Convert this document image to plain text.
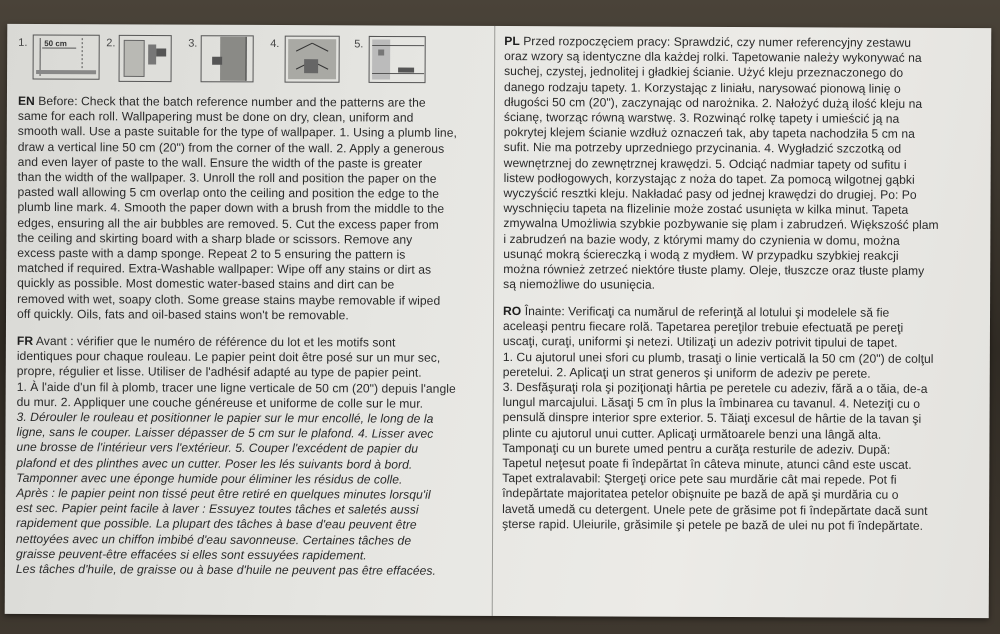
1. 50 cm	2.	3.	4.	5.
EN Before: Check that the batch reference number and the patterns are the
same for each roll. Wallpapering must be done on dry, clean, uniform and
smooth wall. Use a paste suitable for the type of wallpaper. 1. Using a plumb line,
draw a vertical line 50 cm (20") from the corner of the wall. 2. Apply a generous
and even layer of paste to the wall. Ensure the width of the paste is greater
than the width of the wallpaper. 3. Unroll the roll and position the paper on the
pasted wall allowing 5 cm overlap onto the ceiling and position the edge to the
plumb line mark. 4. Smooth the paper down with a brush from the middle to the
edges, ensuring all the air bubbles are removed. 5. Cut the excess paper from
the ceiling and skirting board with a sharp blade or scissors. Remove any
excess paste with a damp sponge. Repeat 2 to 5 ensuring the pattern is
matched if required. Extra-Washable wallpaper: Wipe off any stains or dirt as
quickly as possible. Most domestic water-based stains and dirt can be
removed with wet, soapy cloth. Some grease stains maybe removable if wiped
off quickly. Oils, fats and oil-based stains won't be removable.
FR Avant : vérifier que le numéro de référence du lot et les motifs sont
identiques pour chaque rouleau. Le papier peint doit être posé sur un mur sec,
propre, régulier et lisse. Utiliser de l'adhésif adapté au type de papier peint.
1. À l'aide d'un fil à plomb, tracer une ligne verticale de 50 cm (20") depuis l'angle
du mur. 2. Appliquer une couche généreuse et uniforme de colle sur le mur.
3. Dérouler le rouleau et positionner le papier sur le mur encollé, le long de la
ligne, sans le couper. Laisser dépasser de 5 cm sur le plafond. 4. Lisser avec
une brosse de l'intérieur vers l'extérieur. 5. Couper l'excédent de papier du
plafond et des plinthes avec un cutter. Poser les lés suivants bord à bord.
Tamponner avec une éponge humide pour éliminer les résidus de colle.
Après : le papier peint non tissé peut être retiré en quelques minutes lorsqu'il
est sec. Papier peint facile à laver : Essuyez toutes tâches et saletés aussi
rapidement que possible. La plupart des tâches à base d'eau peuvent être
nettoyées avec un chiffon imbibé d'eau savonneuse. Certaines tâches de
graisse peuvent-être effacées si elles sont essuyées rapidement.
Les tâches d'huile, de graisse ou à base d'huile ne peuvent pas être effacées.
PL Przed rozpoczęciem pracy: Sprawdzić, czy numer referencyjny zestawu
oraz wzory są identyczne dla każdej rolki. Tapetowanie należy wykonywać na
suchej, czystej, jednolitej i gładkiej ścianie. Użyć kleju przeznaczonego do
danego rodzaju tapety. 1. Korzystając z liniału, narysować pionową linię o
długości 50 cm (20"), zaczynając od narożnika. 2. Nałożyć dużą ilość kleju na
ścianę, tworząc równą warstwę. 3. Rozwinąć rolkę tapety i umieścić ją na
pokrytej klejem ścianie wzdłuż oznaczeń tak, aby tapeta nachodziła 5 cm na
sufit. Nie ma potrzeby uprzedniego przycinania. 4. Wygładzić szczotką od
wewnętrznej do zewnętrznej krawędzi. 5. Odciąć nadmiar tapety od sufitu i
listew podłogowych, korzystając z noża do tapet. Za pomocą wilgotnej gąbki
wyczyścić resztki kleju. Nakładać pasy od jednej krawędzi do drugiej. Po: Po
wyschnięciu tapeta na flizelinie może zostać usunięta w kilka minut. Tapeta
zmywalna Umożliwia szybkie pozbywanie się plam i zabrudzeń. Większość plam
i zabrudzeń na bazie wody, z którymi mamy do czynienia w domu, można
usunąć mokrą ściereczką i wodą z mydłem. W przypadku szybkiej reakcji
można również zetrzeć niektóre tłuste plamy. Oleje, tłuszcze oraz tłuste plamy
są niemożliwe do usunięcia.
RO Înainte: Verificaţi ca numărul de referinţă al lotului şi modelele să fie
aceleaşi pentru fiecare rolă. Tapetarea pereţilor trebuie efectuată pe pereţi
uscaţi, curaţi, uniformi şi netezi. Utilizaţi un adeziv potrivit tipului de tapet.
1. Cu ajutorul unei sfori cu plumb, trasaţi o linie verticală la 50 cm (20") de colţul
peretelui. 2. Aplicaţi un strat generos şi uniform de adeziv pe perete.
3. Desfăşuraţi rola şi poziţionaţi hârtia pe peretele cu adeziv, fără a o tăia, de-a
lungul marcajului. Lăsaţi 5 cm în plus la îmbinarea cu tavanul. 4. Neteziţi cu o
pensulă dinspre interior spre exterior. 5. Tăiaţi excesul de hârtie de la tavan şi
plinte cu ajutorul unui cutter. Aplicaţi următoarele benzi una lângă alta.
Tamponaţi cu un burete umed pentru a curăţa resturile de adeziv. După:
Tapetul neţesut poate fi îndepărtat în câteva minute, atunci când este uscat.
Tapet extralavabil: Ştergeţi orice pete sau murdărie cât mai repede. Pot fi
îndepărtate majoritatea petelor obişnuite pe bază de apă şi murdăria cu o
lavetă umedă cu detergent. Unele pete de grăsime pot fi îndepărtate dacă sunt
şterse rapid. Uleiurile, grăsimile şi petele pe bază de ulei nu pot fi îndepărtate.
